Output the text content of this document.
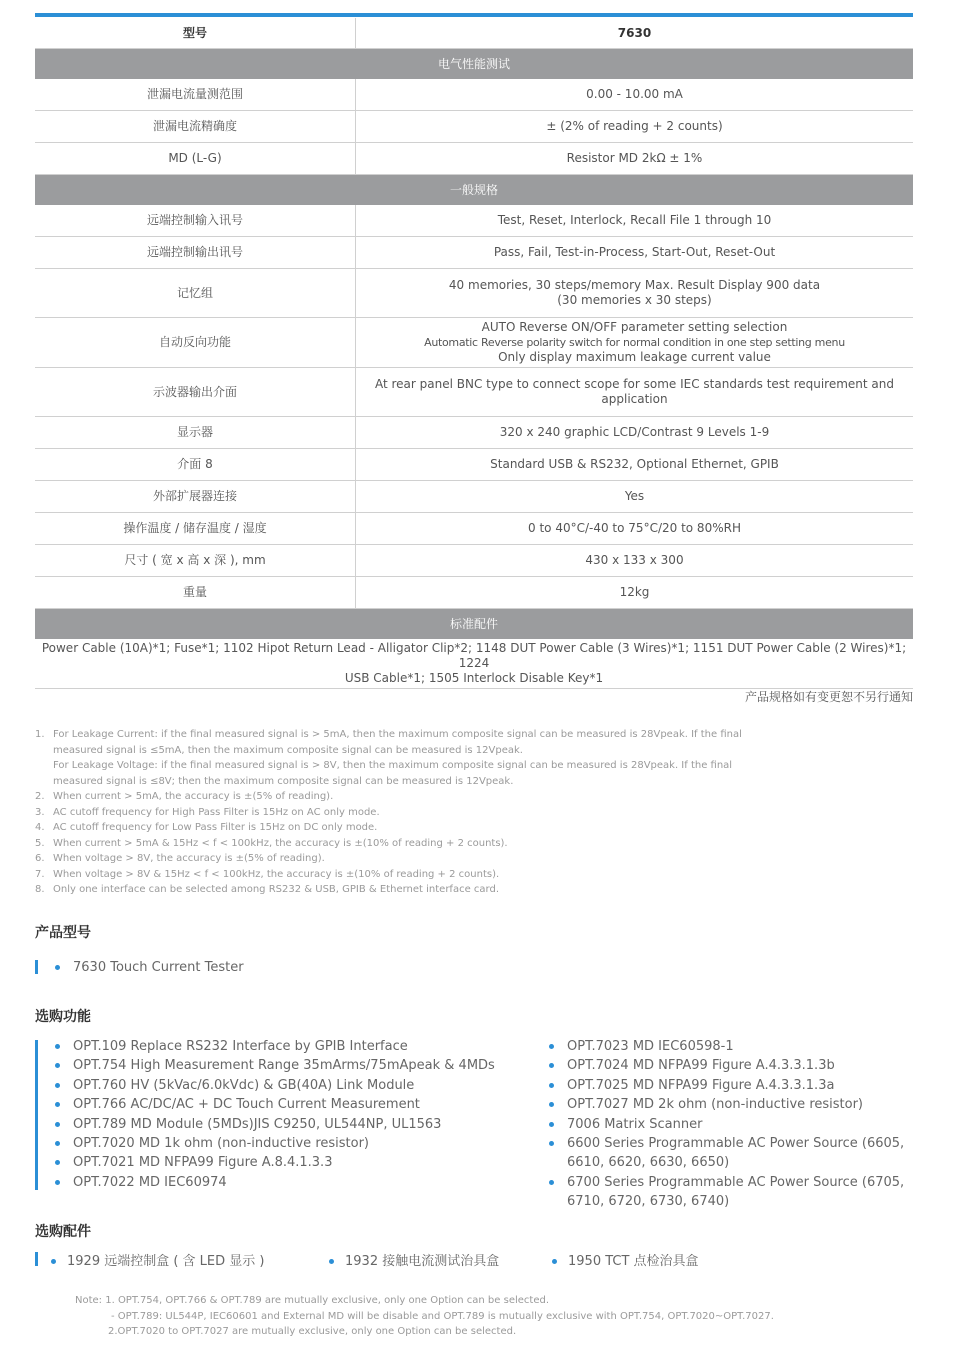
型号	7630
电气性能测试	
泄漏电流量测范围	0.00 - 10.00 mA
泄漏电流精确度	± (2% of reading + 2 counts)
MD (L-G)	Resistor MD 2kΩ ± 1%
一般规格	
远端控制输入讯号	Test, Reset, Interlock, Recall File 1 through 10
远端控制输出讯号	Pass, Fail, Test-in-Process, Start-Out, Reset-Out
记忆组	40 memories, 30 steps/memory Max. Result Display 900 data
(30 memories x 30 steps)

自动反向功能	AUTO Reverse ON/OFF parameter setting selection
Automatic Reverse polarity switch for normal condition in one step setting menu
Only display maximum leakage current value

示波器输出介面	At rear panel BNC type to connect scope for some IEC standards test requirement and
application

显示器	320 x 240 graphic LCD/Contrast 9 Levels 1-9
介面 8	Standard USB & RS232, Optional Ethernet, GPIB
外部扩展器连接	Yes
操作温度 / 储存温度 / 湿度	0 to 40°C/-40 to 75°C/20 to 80%RH
尺寸 ( 宽 x 高 x 深 ), mm	430 x 133 x 300
重量	12kg
标准配件	

Power Cable (10A)*1; Fuse*1; 1102 Hipot Return Lead - Alligator Clip*2; 1148 DUT Power Cable (3 Wires)*1; 1151 DUT Power Cable (2 Wires)*1; 1224
USB Cable*1; 1505 Interlock Disable Key*1	
产品规格如有变更恕不另行通知
1. For Leakage Current: if the final measured signal is > 5mA, then the maximum composite signal can be measured is 28Vpeak. If the final
measured signal is ≤5mA, then the maximum composite signal can be measured is 12Vpeak.
For Leakage Voltage: if the final measured signal is > 8V, then the maximum composite signal can be measured is 28Vpeak. If the final
measured signal is ≤8V; then the maximum composite signal can be measured is 12Vpeak.
2. When current > 5mA, the accuracy is ±(5% of reading).
3. AC cutoff frequency for High Pass Filter is 15Hz on AC only mode.
4. AC cutoff frequency for Low Pass Filter is 15Hz on DC only mode.
5. When current > 5mA & 15Hz < f < 100kHz, the accuracy is ±(10% of reading + 2 counts).
6. When voltage > 8V, the accuracy is ±(5% of reading).
7. When voltage > 8V & 15Hz < f < 100kHz, the accuracy is ±(10% of reading + 2 counts).
8. Only one interface can be selected among RS232 & USB, GPIB & Ethernet interface card.
产品型号
7630 Touch Current Tester
选购功能
OPT.109 Replace RS232 Interface by GPIB Interface
OPT.754 High Measurement Range 35mArms/75mApeak & 4MDs
OPT.760 HV (5kVac/6.0kVdc) & GB(40A) Link Module
OPT.766 AC/DC/AC + DC Touch Current Measurement
OPT.789 MD Module (5MDs)JIS C9250, UL544NP, UL1563
OPT.7020 MD 1k ohm (non-inductive resistor)
OPT.7021 MD NFPA99 Figure A.8.4.1.3.3
OPT.7022 MD IEC60974
OPT.7023 MD IEC60598-1
OPT.7024 MD NFPA99 Figure A.4.3.3.1.3b
OPT.7025 MD NFPA99 Figure A.4.3.3.1.3a
OPT.7027 MD 2k ohm (non-inductive resistor)
7006 Matrix Scanner
6600 Series Programmable AC Power Source (6605,
6610, 6620, 6630, 6650)
6700 Series Programmable AC Power Source (6705,
6710, 6720, 6730, 6740)
选购配件
1929 远端控制盒 ( 含 LED 显示 )	1932 接触电流测试治具盒	1950 TCT 点检治具盒
Note: 1. OPT.754, OPT.766 & OPT.789 are mutually exclusive, only one Option can be selected.
- OPT.789: UL544P, IEC60601 and External MD will be disable and OPT.789 is mutually exclusive with OPT.754, OPT.7020~OPT.7027.
2.OPT.7020 to OPT.7027 are mutually exclusive, only one Option can be selected.
